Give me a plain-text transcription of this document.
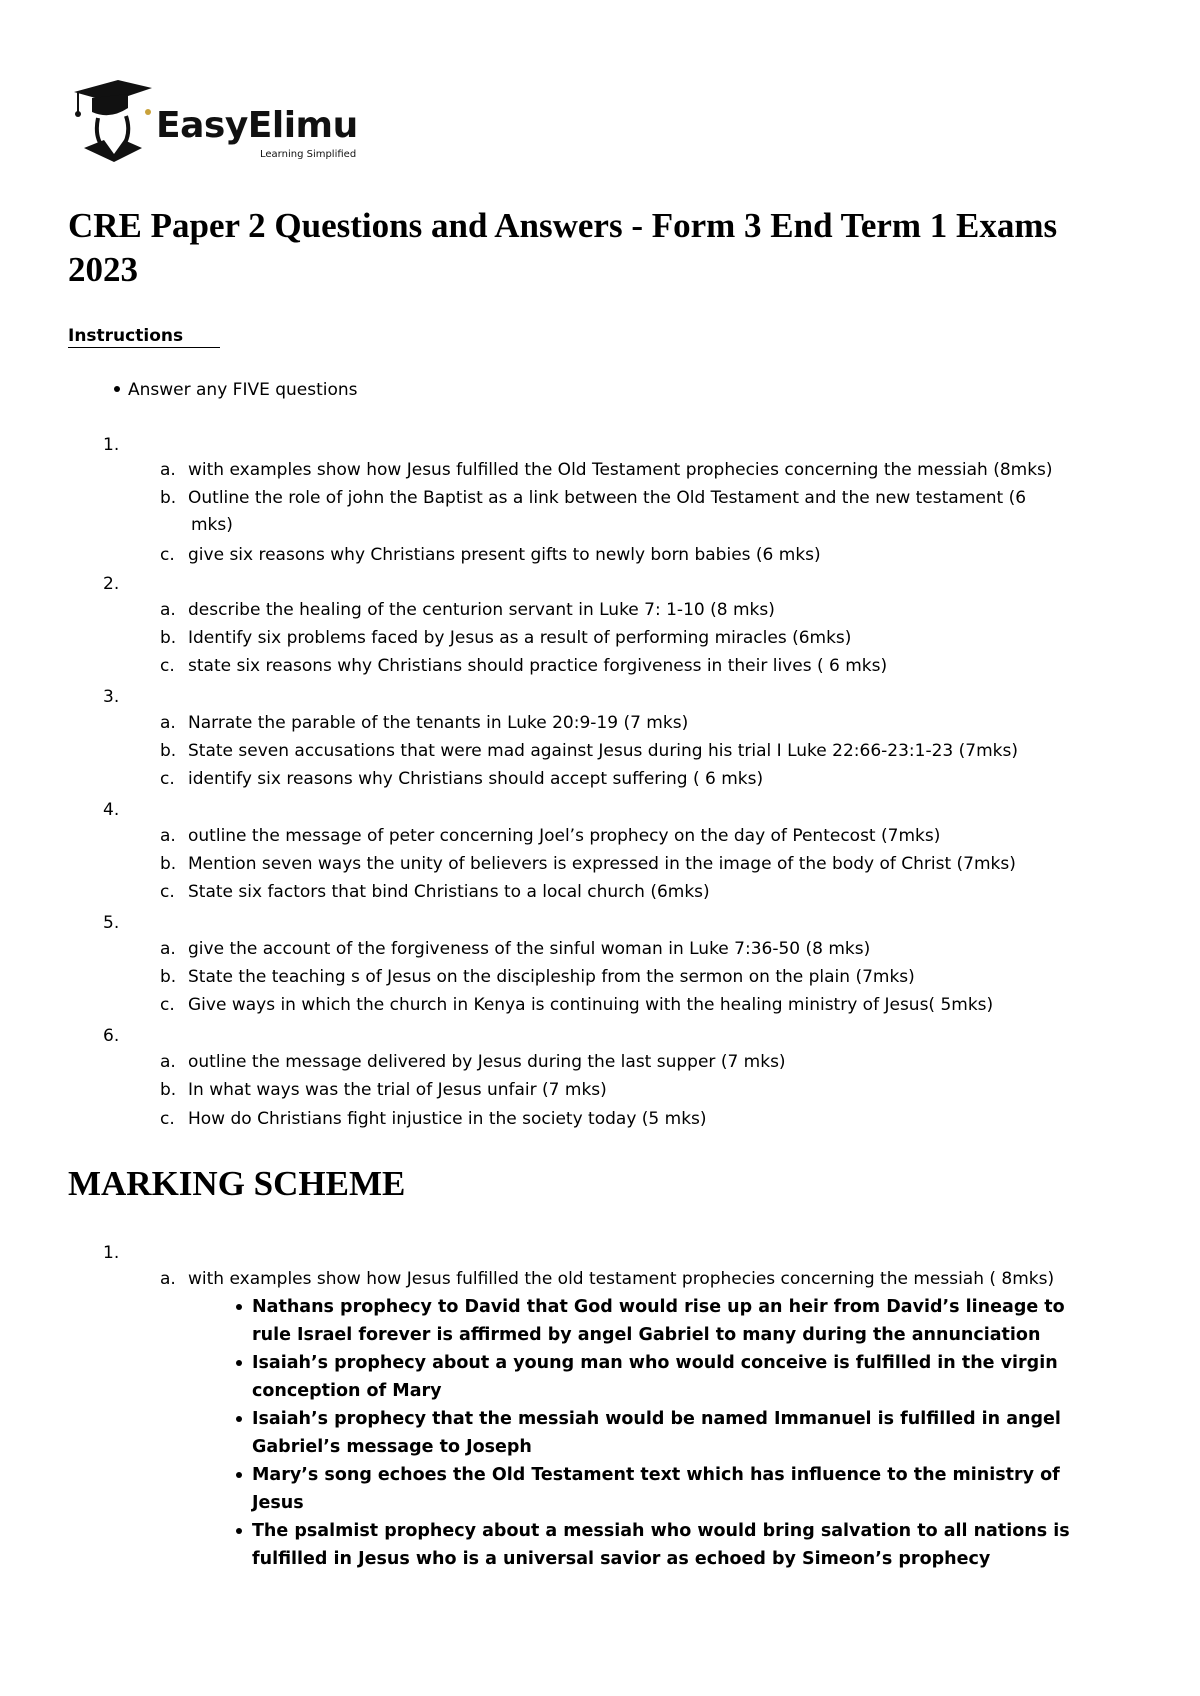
EasyElimu
Learning Simplified
CRE Paper 2 Questions and Answers - Form 3 End Term 1 Exams 2023
Instructions
Answer any FIVE questions
1.
a. with examples show how Jesus fulfilled the Old Testament prophecies concerning the messiah (8mks)
b. Outline the role of john the Baptist as a link between the Old Testament and the new testament (6
mks)
c. give six reasons why Christians present gifts to newly born babies (6 mks)
2.
a. describe the healing of the centurion servant in Luke 7: 1-10 (8 mks)
b. Identify six problems faced by Jesus as a result of performing miracles (6mks)
c. state six reasons why Christians should practice forgiveness in their lives ( 6 mks)
3.
a. Narrate the parable of the tenants in Luke 20:9-19 (7 mks)
b. State seven accusations that were mad against Jesus during his trial I Luke 22:66-23:1-23 (7mks)
c. identify six reasons why Christians should accept suffering ( 6 mks)
4.
a. outline the message of peter concerning Joel’s prophecy on the day of Pentecost (7mks)
b. Mention seven ways the unity of believers is expressed in the image of the body of Christ (7mks)
c. State six factors that bind Christians to a local church (6mks)
5.
a. give the account of the forgiveness of the sinful woman in Luke 7:36-50 (8 mks)
b. State the teaching s of Jesus on the discipleship from the sermon on the plain (7mks)
c. Give ways in which the church in Kenya is continuing with the healing ministry of Jesus( 5mks)
6.
a. outline the message delivered by Jesus during the last supper (7 mks)
b. In what ways was the trial of Jesus unfair (7 mks)
c. How do Christians fight injustice in the society today (5 mks)
MARKING SCHEME
1.
a. with examples show how Jesus fulfilled the old testament prophecies concerning the messiah ( 8mks)
Nathans prophecy to David that God would rise up an heir from David’s lineage to
rule Israel forever is affirmed by angel Gabriel to many during the annunciation
Isaiah’s prophecy about a young man who would conceive is fulfilled in the virgin
conception of Mary
Isaiah’s prophecy that the messiah would be named Immanuel is fulfilled in angel
Gabriel’s message to Joseph
Mary’s song echoes the Old Testament text which has influence to the ministry of
Jesus
The psalmist prophecy about a messiah who would bring salvation to all nations is
fulfilled in Jesus who is a universal savior as echoed by Simeon’s prophecy
